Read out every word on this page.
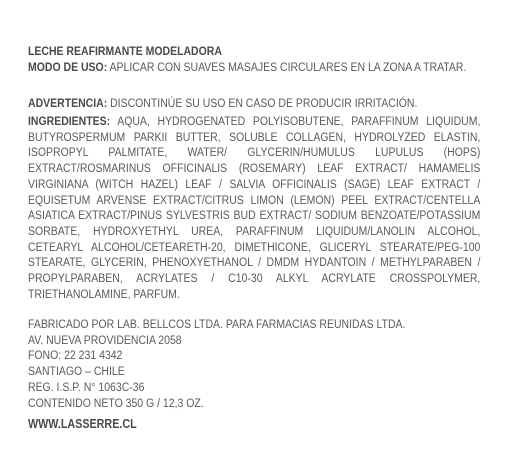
LECHE REAFIRMANTE MODELADORA
MODO DE USO: APLICAR CON SUAVES MASAJES CIRCULARES EN LA ZONA A TRATAR.
ADVERTENCIA: DISCONTINÚE SU USO EN CASO DE PRODUCIR IRRITACIÓN.
INGREDIENTES: AQUA, HYDROGENATED POLYISOBUTENE, PARAFFINUM LIQUIDUM, BUTYROSPERMUM PARKII BUTTER, SOLUBLE COLLAGEN, HYDROLYZED ELASTIN, ISOPROPYL PALMITATE, WATER/ GLYCERIN/HUMULUS LUPULUS (HOPS) EXTRACT/ROSMARINUS OFFICINALIS (ROSEMARY) LEAF EXTRACT/ HAMAMELIS VIRGINIANA (WITCH HAZEL) LEAF / SALVIA OFFICINALIS (SAGE) LEAF EXTRACT / EQUISETUM ARVENSE EXTRACT/CITRUS LIMON (LEMON) PEEL EXTRACT/CENTELLA ASIATICA EXTRACT/PINUS SYLVESTRIS BUD EXTRACT/ SODIUM BENZOATE/POTASSIUM SORBATE, HYDROXYETHYL UREA, PARAFFINUM LIQUIDUM/LANOLIN ALCOHOL, CETEARYL ALCOHOL/CETEARETH-20, DIMETHICONE, GLICERYL STEARATE/PEG-100 STEARATE, GLYCERIN, PHENOXYETHANOL / DMDM HYDANTOIN / METHYLPARABEN / PROPYLPARABEN, ACRYLATES / C10-30 ALKYL ACRYLATE CROSSPOLYMER, TRIETHANOLAMINE, PARFUM.

FABRICADO POR LAB. BELLCOS LTDA. PARA FARMACIAS REUNIDAS LTDA.

AV. NUEVA PROVIDENCIA 2058

FONO: 22 231 4342

SANTIAGO – CHILE

REG. I.S.P. N° 1063C-36

CONTENIDO NETO 350 G / 12,3 OZ.

WWW.LASSERRE.CL
